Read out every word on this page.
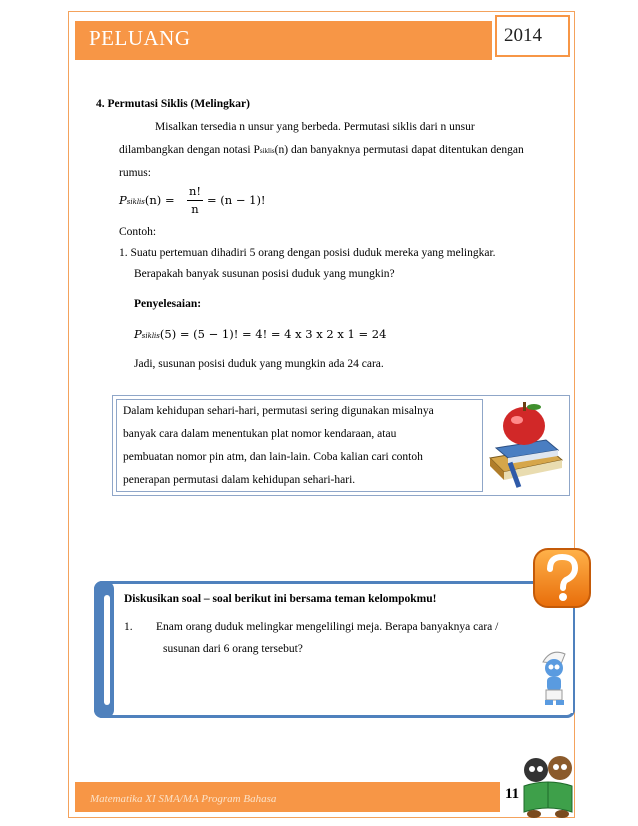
PELUANG	2014
4. Permutasi Siklis (Melingkar)
Misalkan tersedia n unsur yang berbeda. Permutasi siklis dari n unsur
dilambangkan dengan notasi Psiklis(n) dan banyaknya permutasi dapat ditentukan dengan
rumus:
Psiklis(n) =
n!
n
= (n − 1)!
Contoh:
1. Suatu pertemuan dihadiri 5 orang dengan posisi duduk mereka yang melingkar.
Berapakah banyak susunan posisi duduk yang mungkin?
Penyelesaian:
Psiklis(5) = (5 − 1)! = 4! = 4 x 3 x 2 x 1 = 24
Jadi, susunan posisi duduk yang mungkin ada 24 cara.
Dalam kehidupan sehari-hari, permutasi sering digunakan misalnya
banyak cara dalam menentukan plat nomor kendaraan, atau
pembuatan nomor pin atm, dan lain-lain. Coba kalian cari contoh
penerapan permutasi dalam kehidupan sehari-hari.
Diskusikan soal – soal berikut ini bersama teman kelompokmu!
1. Enam orang duduk melingkar mengelilingi meja. Berapa banyaknya cara /
susunan dari 6 orang tersebut?
Matematika XI SMA/MA Program Bahasa	11
